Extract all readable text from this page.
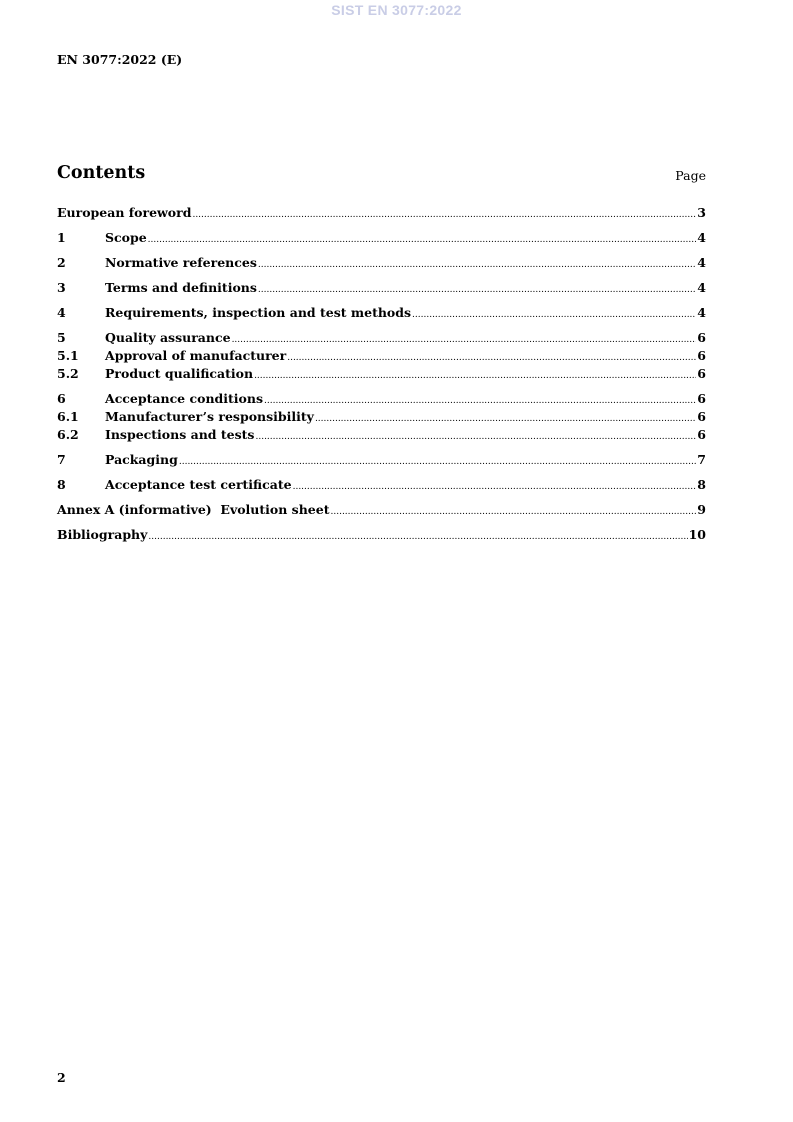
SIST EN 3077:2022
EN 3077:2022 (E)
Contents	Page
European foreword .....	3
1	Scope .....	4
2	Normative references .....	4
3	Terms and definitions .....	4
4	Requirements, inspection and test methods .....	4
5	Quality assurance .....	6
5.1	Approval of manufacturer .....	6
5.2	Product qualification .....	6
6	Acceptance conditions .....	6
6.1	Manufacturer’s responsibility .....	6
6.2	Inspections and tests .....	6
7	Packaging .....	7
8	Acceptance test certificate .....	8
Annex A (informative)  Evolution sheet .....	9
Bibliography .....	10
2
